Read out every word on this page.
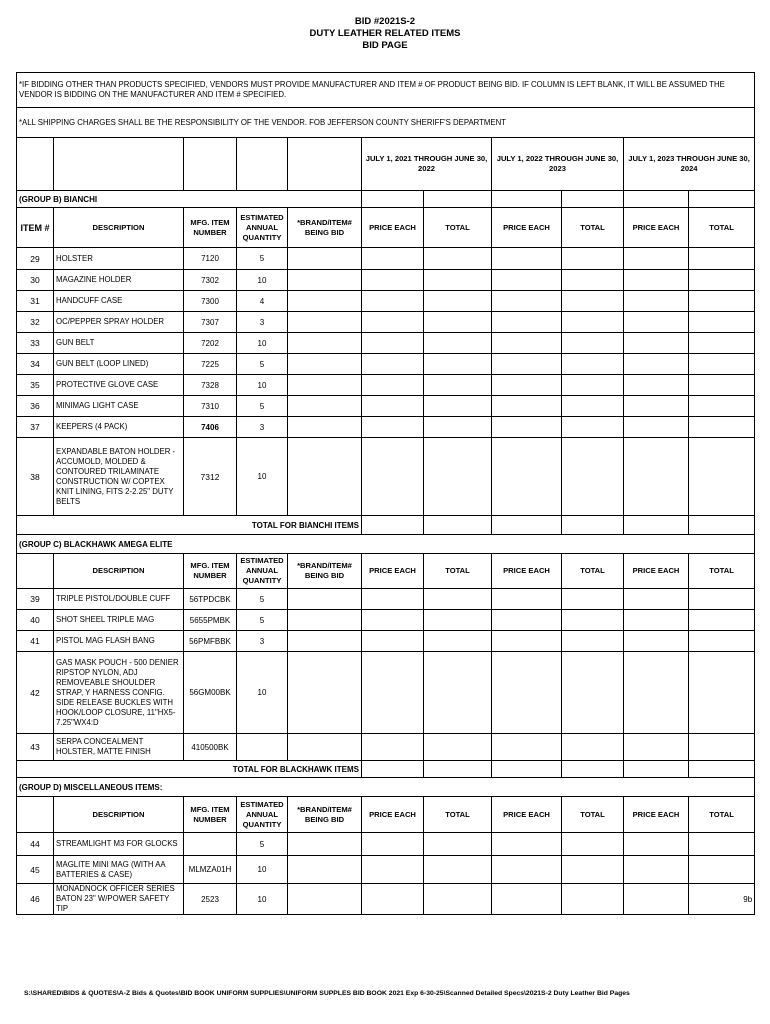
BID #2021S-2
DUTY LEATHER RELATED ITEMS
BID PAGE
*IF BIDDING OTHER THAN PRODUCTS SPECIFIED, VENDORS MUST PROVIDE MANUFACTURER AND ITEM # OF PRODUCT BEING BID. IF COLUMN IS LEFT BLANK, IT WILL BE ASSUMED THE VENDOR IS BIDDING ON THE MANUFACTURER AND ITEM # SPECIFIED.										
*ALL SHIPPING CHARGES SHALL BE THE RESPONSIBILITY OF THE VENDOR. FOB JEFFERSON COUNTY SHERIFF'S DEPARTMENT										
					JULY 1, 2021 THROUGH JUNE 30, 2022		JULY 1, 2022 THROUGH JUNE 30, 2023		JULY 1, 2023 THROUGH JUNE 30, 2024	
(GROUP B) BIANCHI										
ITEM #	DESCRIPTION	MFG. ITEM NUMBER	ESTIMATED ANNUAL QUANTITY	*BRAND/ITEM# BEING BID	PRICE EACH	TOTAL	PRICE EACH	TOTAL	PRICE EACH	TOTAL
29	HOLSTER	7120	5							
30	MAGAZINE HOLDER	7302	10							
31	HANDCUFF CASE	7300	4							
32	OC/PEPPER SPRAY HOLDER	7307	3							
33	GUN BELT	7202	10							
34	GUN BELT (LOOP LINED)	7225	5							
35	PROTECTIVE GLOVE CASE	7328	10							
36	MINIMAG LIGHT CASE	7310	5							
37	KEEPERS (4 PACK)	7406	3							
38	EXPANDABLE BATON HOLDER - ACCUMOLD, MOLDED & CONTOURED TRILAMINATE CONSTRUCTION W/ COPTEX KNIT LINING, FITS 2-2.25" DUTY BELTS	7312	10							
TOTAL FOR BIANCHI ITEMS										
(GROUP C) BLACKHAWK AMEGA ELITE										
	DESCRIPTION	MFG. ITEM NUMBER	ESTIMATED ANNUAL QUANTITY	*BRAND/ITEM# BEING BID	PRICE EACH	TOTAL	PRICE EACH	TOTAL	PRICE EACH	TOTAL
39	TRIPLE PISTOL/DOUBLE CUFF	56TPDCBK	5							
40	SHOT SHEEL TRIPLE MAG	5655PMBK	5							
41	PISTOL MAG FLASH BANG	56PMFBBK	3							
42	GAS MASK POUCH - 500 DENIER RIPSTOP NYLON, ADJ REMOVEABLE SHOULDER STRAP, Y HARNESS CONFIG. SIDE RELEASE BUCKLES WITH HOOK/LOOP CLOSURE, 11"HX5-7.25"WX4:D	56GM00BK	10							
43	SERPA CONCEALMENT HOLSTER, MATTE FINISH	410500BK								
TOTAL FOR BLACKHAWK ITEMS										
(GROUP D) MISCELLANEOUS ITEMS:										
	DESCRIPTION	MFG. ITEM NUMBER	ESTIMATED ANNUAL QUANTITY	*BRAND/ITEM# BEING BID	PRICE EACH	TOTAL	PRICE EACH	TOTAL	PRICE EACH	TOTAL
44	STREAMLIGHT M3 FOR GLOCKS		5							
45	MAGLITE MINI MAG (WITH AA BATTERIES & CASE)	MLMZA01H	10							
46	MONADNOCK OFFICER SERIES BATON 23" W/POWER SAFETY TIP	2523	10							9b
S:\SHARED\BIDS & QUOTES\A-Z Bids & Quotes\BID BOOK UNIFORM SUPPLIES\UNIFORM SUPPLES BID BOOK 2021 Exp 6-30-25\Scanned Detailed Specs\2021S-2 Duty Leather Bid Pages
